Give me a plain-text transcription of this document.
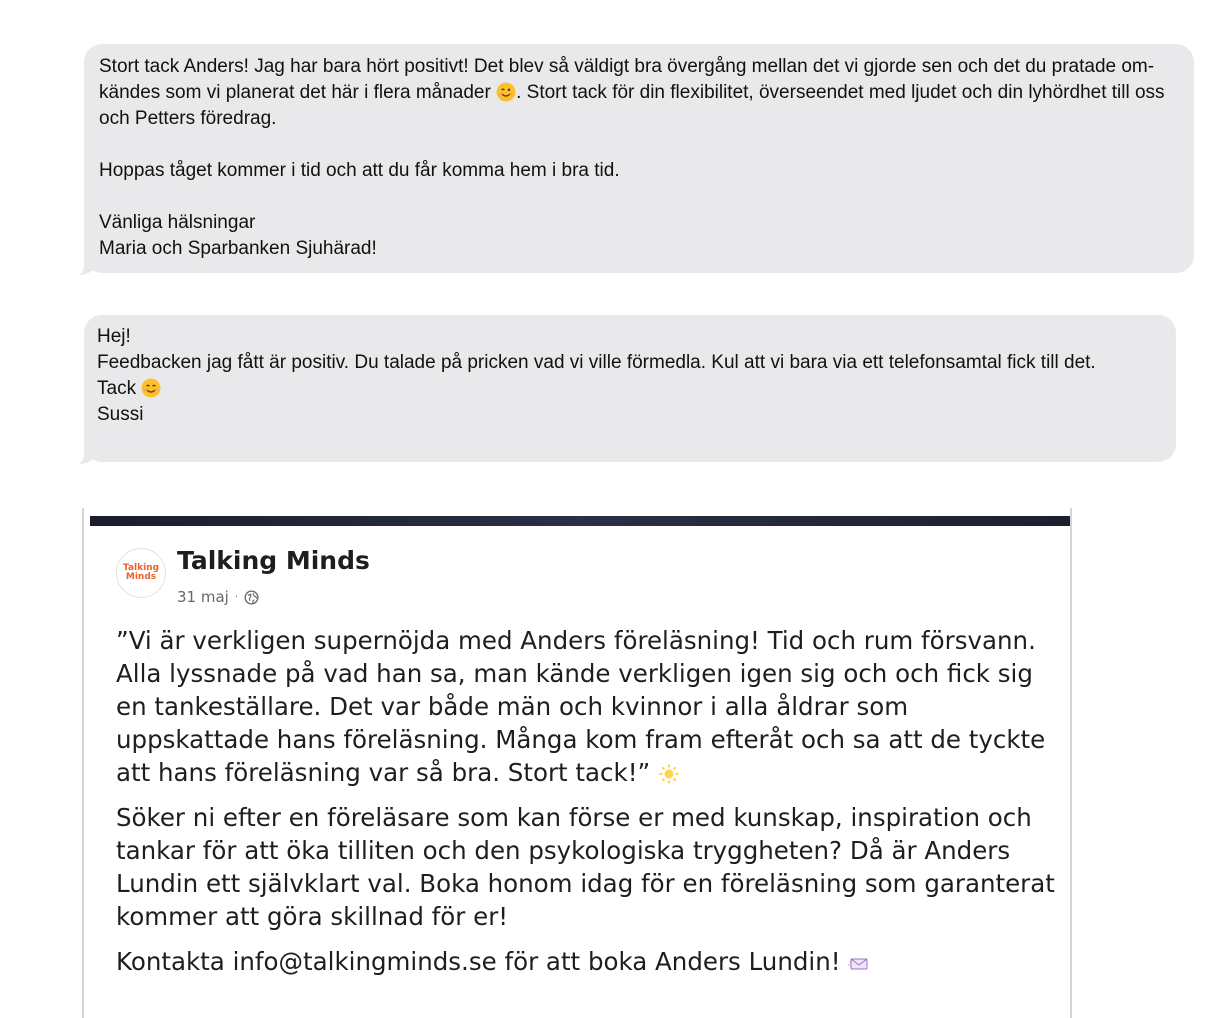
Stort tack Anders! Jag har bara hört positivt! Det blev så väldigt bra övergång mellan det vi gjorde sen och det du pratade om- kändes som vi planerat det här i flera månader . Stort tack för din flexibilitet, överseendet med ljudet och din lyhördhet till oss och Petters föredrag.

Hoppas tåget kommer i tid och att du får komma hem i bra tid.

Vänliga hälsningar
Maria och Sparbanken Sjuhärad!

Hej!
Feedbacken jag fått är positiv. Du talade på pricken vad vi ville förmedla. Kul att vi bara via ett telefonsamtal fick till det.
Tack
Sussi

Talking
Minds
Talking Minds
31 maj ·

”Vi är verkligen supernöjda med Anders föreläsning! Tid och rum försvann. Alla lyssnade på vad han sa, man kände verkligen igen sig och och fick sig en tankeställare. Det var både män och kvinnor i alla åldrar som uppskattade hans föreläsning. Många kom fram efteråt och sa att de tyckte att hans föreläsning var så bra. Stort tack!”

Söker ni efter en föreläsare som kan förse er med kunskap, inspiration och tankar för att öka tilliten och den psykologiska tryggheten? Då är Anders Lundin ett självklart val. Boka honom idag för en föreläsning som garanterat kommer att göra skillnad för er!

Kontakta info@talkingminds.se för att boka Anders Lundin!
